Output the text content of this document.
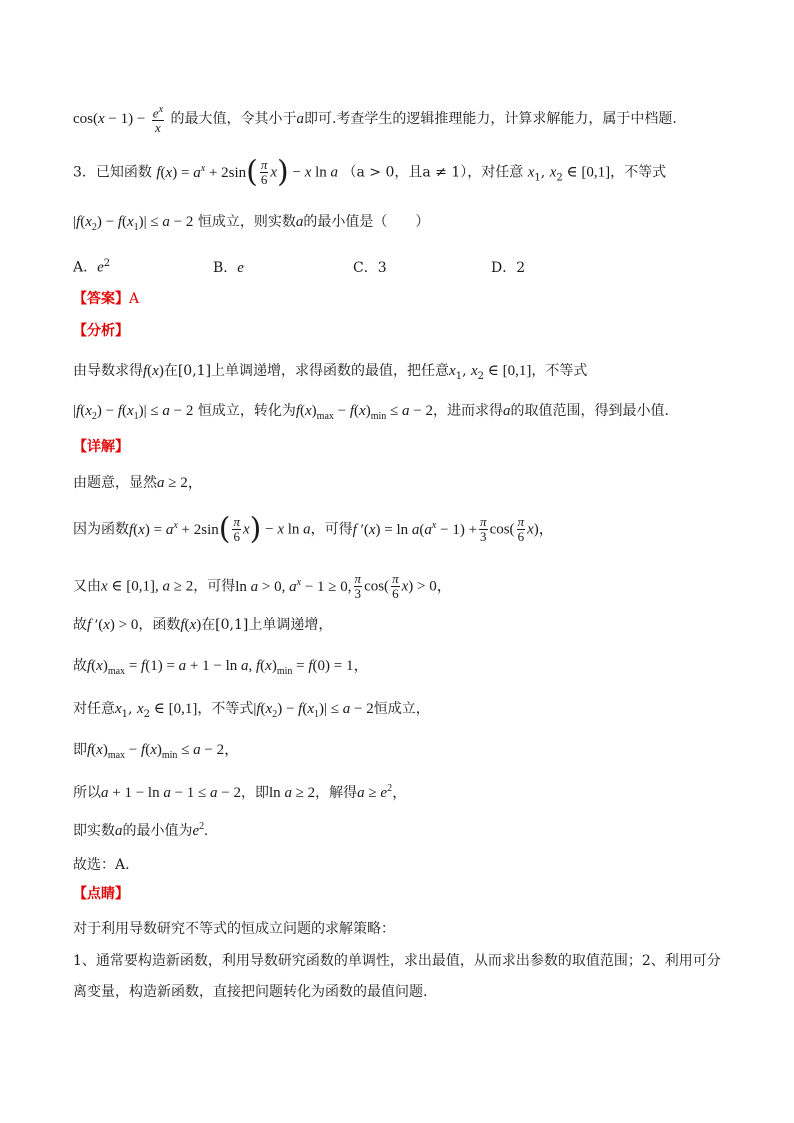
$\cos(x - 1) - \frac{e^x}{x}$ 的最大值，令其小于a即可.考查学生的逻辑推理能力，计算求解能力，属于中档题.
3．已知函数 $f(x) = a^x + 2\sin( \frac{\pi}{6} x) - x$ ln a （a > 0，且a ≠ 1），对任意 $x_1$, $x_2$ ∈ [0,1]，不等式
$|f(x_2) - f(x_1)| \le a - 2$ 恒成立，则实数a的最小值是（　　）
A．$e^2$	B．e	C．3	D．2
【答案】A
【分析】
由导数求得f(x)在[0,1]上单调递增，求得函数的最值，把任意$x_1$, $x_2$ ∈ [0,1]，不等式
$|f(x_2) - f(x_1)| \le a - 2$ 恒成立，转化为$f(x)_{max} - f(x)_{min} \le a - 2$，进而求得a的取值范围，得到最小值.
【详解】
由题意，显然a ≥ 2，
因为函数$f(x) = a^x + 2\sin( \frac{\pi}{6} x) - x$ ln a，可得f $'(x) = \ln a(a^x - 1) + \frac{\pi}{3} \cos( \frac{\pi}{6} x)$，
又由x ∈ [0,1], a ≥ 2，可得ln a > 0, $a^x - 1 \ge 0$, $\frac{\pi}{3} \cos( \frac{\pi}{6} x) > 0$，
故f ′(x) > 0，函数f(x)在[0,1]上单调递增，
故$f(x)_{max} = f(1) = a + 1 - \ln a$, $f(x)_{min} = f(0) = 1$，
对任意$x_1$, $x_2$ ∈ [0,1]，不等式$|f(x_2) - f(x_1)| \le a - 2$恒成立，
即$f(x)_{max} - f(x)_{min} \le a - 2$，
所以a + 1 − ln a − 1 ≤ a − 2，即ln a ≥ 2，解得$a \ge e^2$，
即实数a的最小值为$e^2$.
故选：A.
【点睛】
对于利用导数研究不等式的恒成立问题的求解策略：
1、通常要构造新函数，利用导数研究函数的单调性，求出最值，从而求出参数的取值范围；2、利用可分
离变量，构造新函数，直接把问题转化为函数的最值问题.
